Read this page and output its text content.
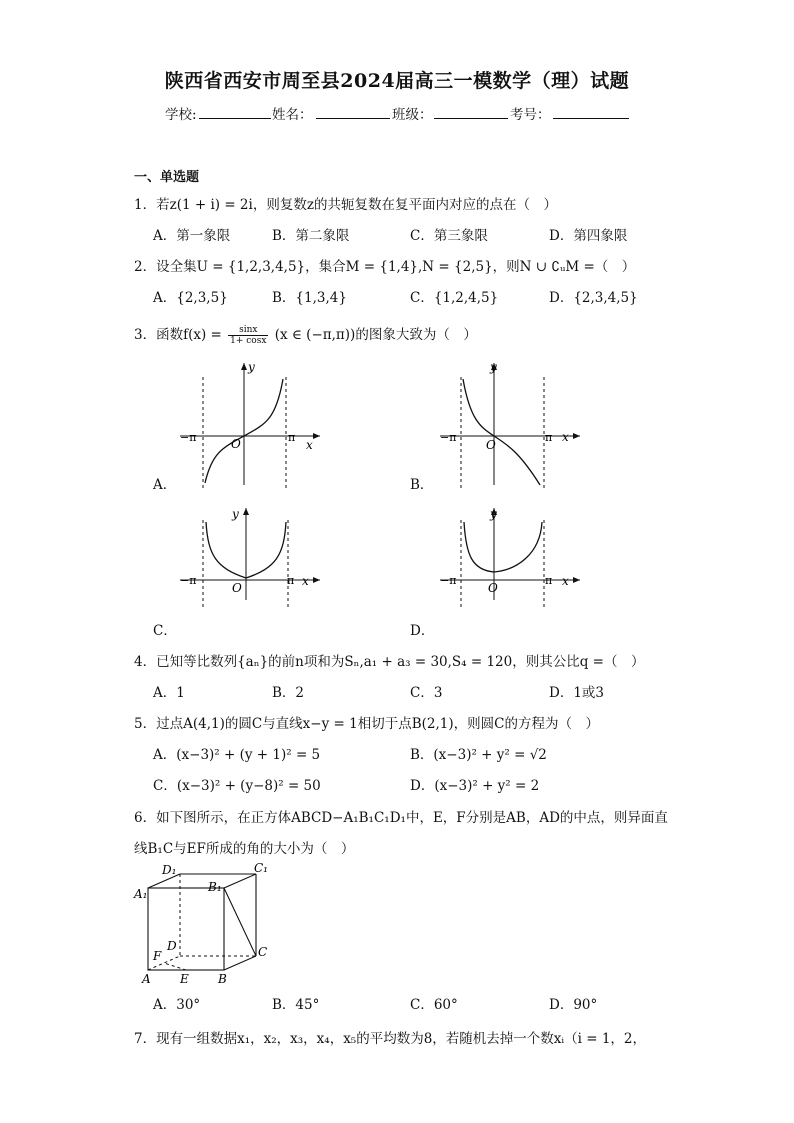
陕西省西安市周至县2024届高三一模数学（理）试题
学校:	姓名：	班级：	考号：
一、单选题
1．若z(1 + i) = 2i，则复数z的共轭复数在复平面内对应的点在（　）
A．第一象限	B．第二象限	C．第三象限	D．第四象限
2．设全集U = {1,2,3,4,5}，集合M = {1,4},N = {2,5}，则N ∪ ∁ᵤM =（　）
A．{2,3,5}	B．{1,3,4}	C．{1,2,4,5}	D．{2,3,4,5}
3．函数$f(x) = \frac{\sin x}{1+ \cos x} (x$ ∈ (−π,π))的图象大致为（　）
y
x
O
−π	π
A．
y
x
O
−π	π
B．
y
x
O
−π	π
C．
y
x
O
−π	π
D．
4．已知等比数列{aₙ}的前n项和为Sₙ,a₁ + a₃ = 30,S₄ = 120，则其公比q =（　）
A．1	B．2	C．3	D．1或3
5．过点A(4,1)的圆C与直线x−y = 1相切于点B(2,1)，则圆C的方程为（　）
A．(x−3)² + (y + 1)² = 5	B．(x−3)² + y² = √2
C．(x−3)² + (y−8)² = 50	D．(x−3)² + y² = 2
6．如下图所示，在正方体ABCD−A₁B₁C₁D₁中，E，F分别是AB，AD的中点，则异面直
线B₁C与EF所成的角的大小为（　）
D₁	C₁
A₁	B₁
D
F	C
A E B
A．30°	B．45°	C．60°	D．90°
7．现有一组数据x₁，x₂，x₃，x₄，x₅的平均数为8，若随机去掉一个数xᵢ（i = 1，2，
